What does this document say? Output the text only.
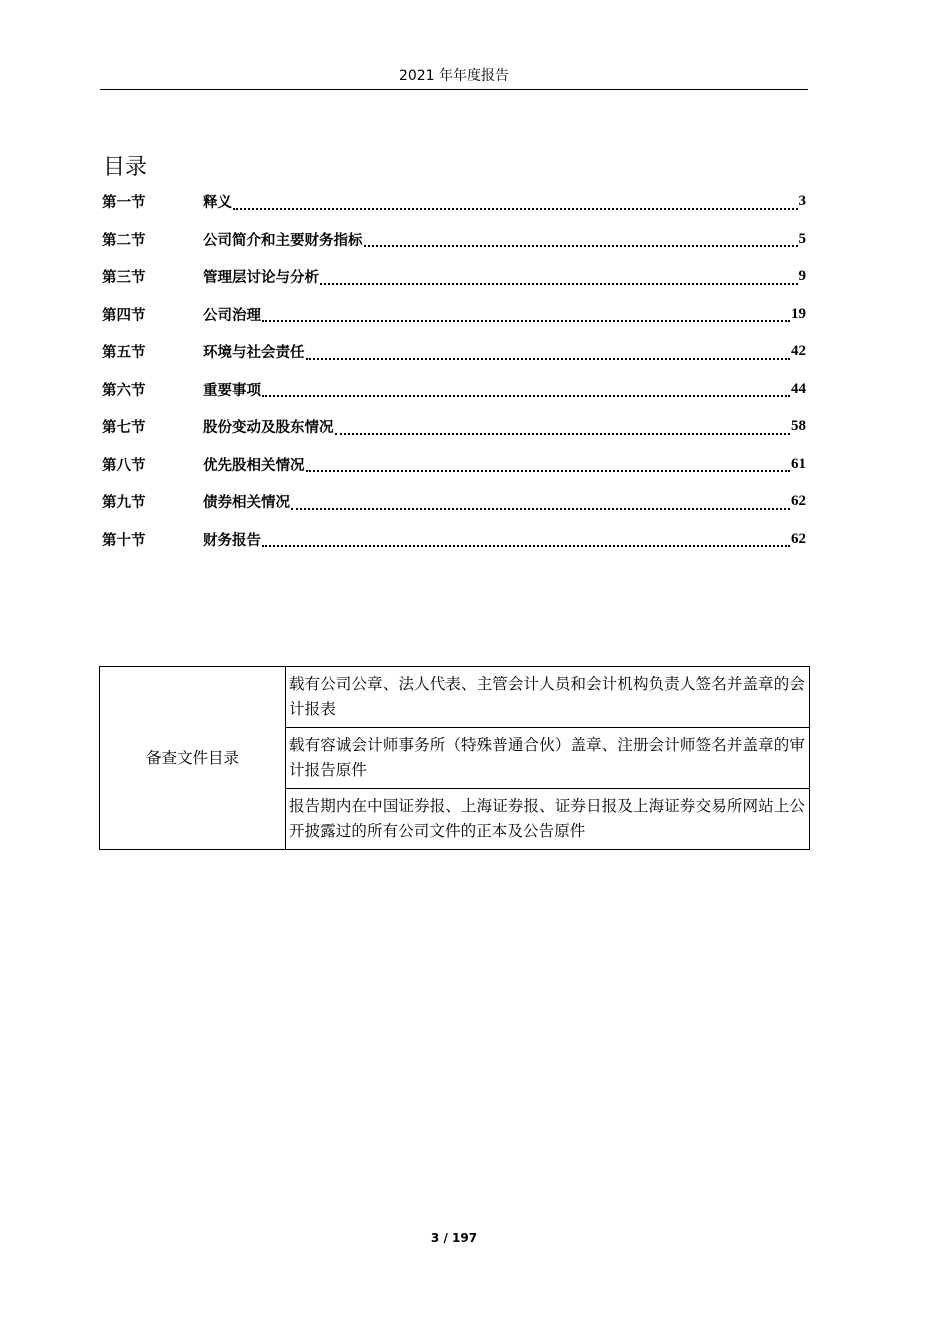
2021 年年度报告
目录
第一节	释义	3
第二节	公司简介和主要财务指标	5
第三节	管理层讨论与分析	9
第四节	公司治理	19
第五节	环境与社会责任	42
第六节	重要事项	44
第七节	股份变动及股东情况	58
第八节	优先股相关情况	61
第九节	债券相关情况	62
第十节	财务报告	62
备查文件目录	载有公司公章、法人代表、主管会计人员和会计机构负责人签名并盖章的会计报表
载有容诚会计师事务所（特殊普通合伙）盖章、注册会计师签名并盖章的审计报告原件
报告期内在中国证券报、上海证券报、证券日报及上海证券交易所网站上公开披露过的所有公司文件的正本及公告原件
3 / 197
